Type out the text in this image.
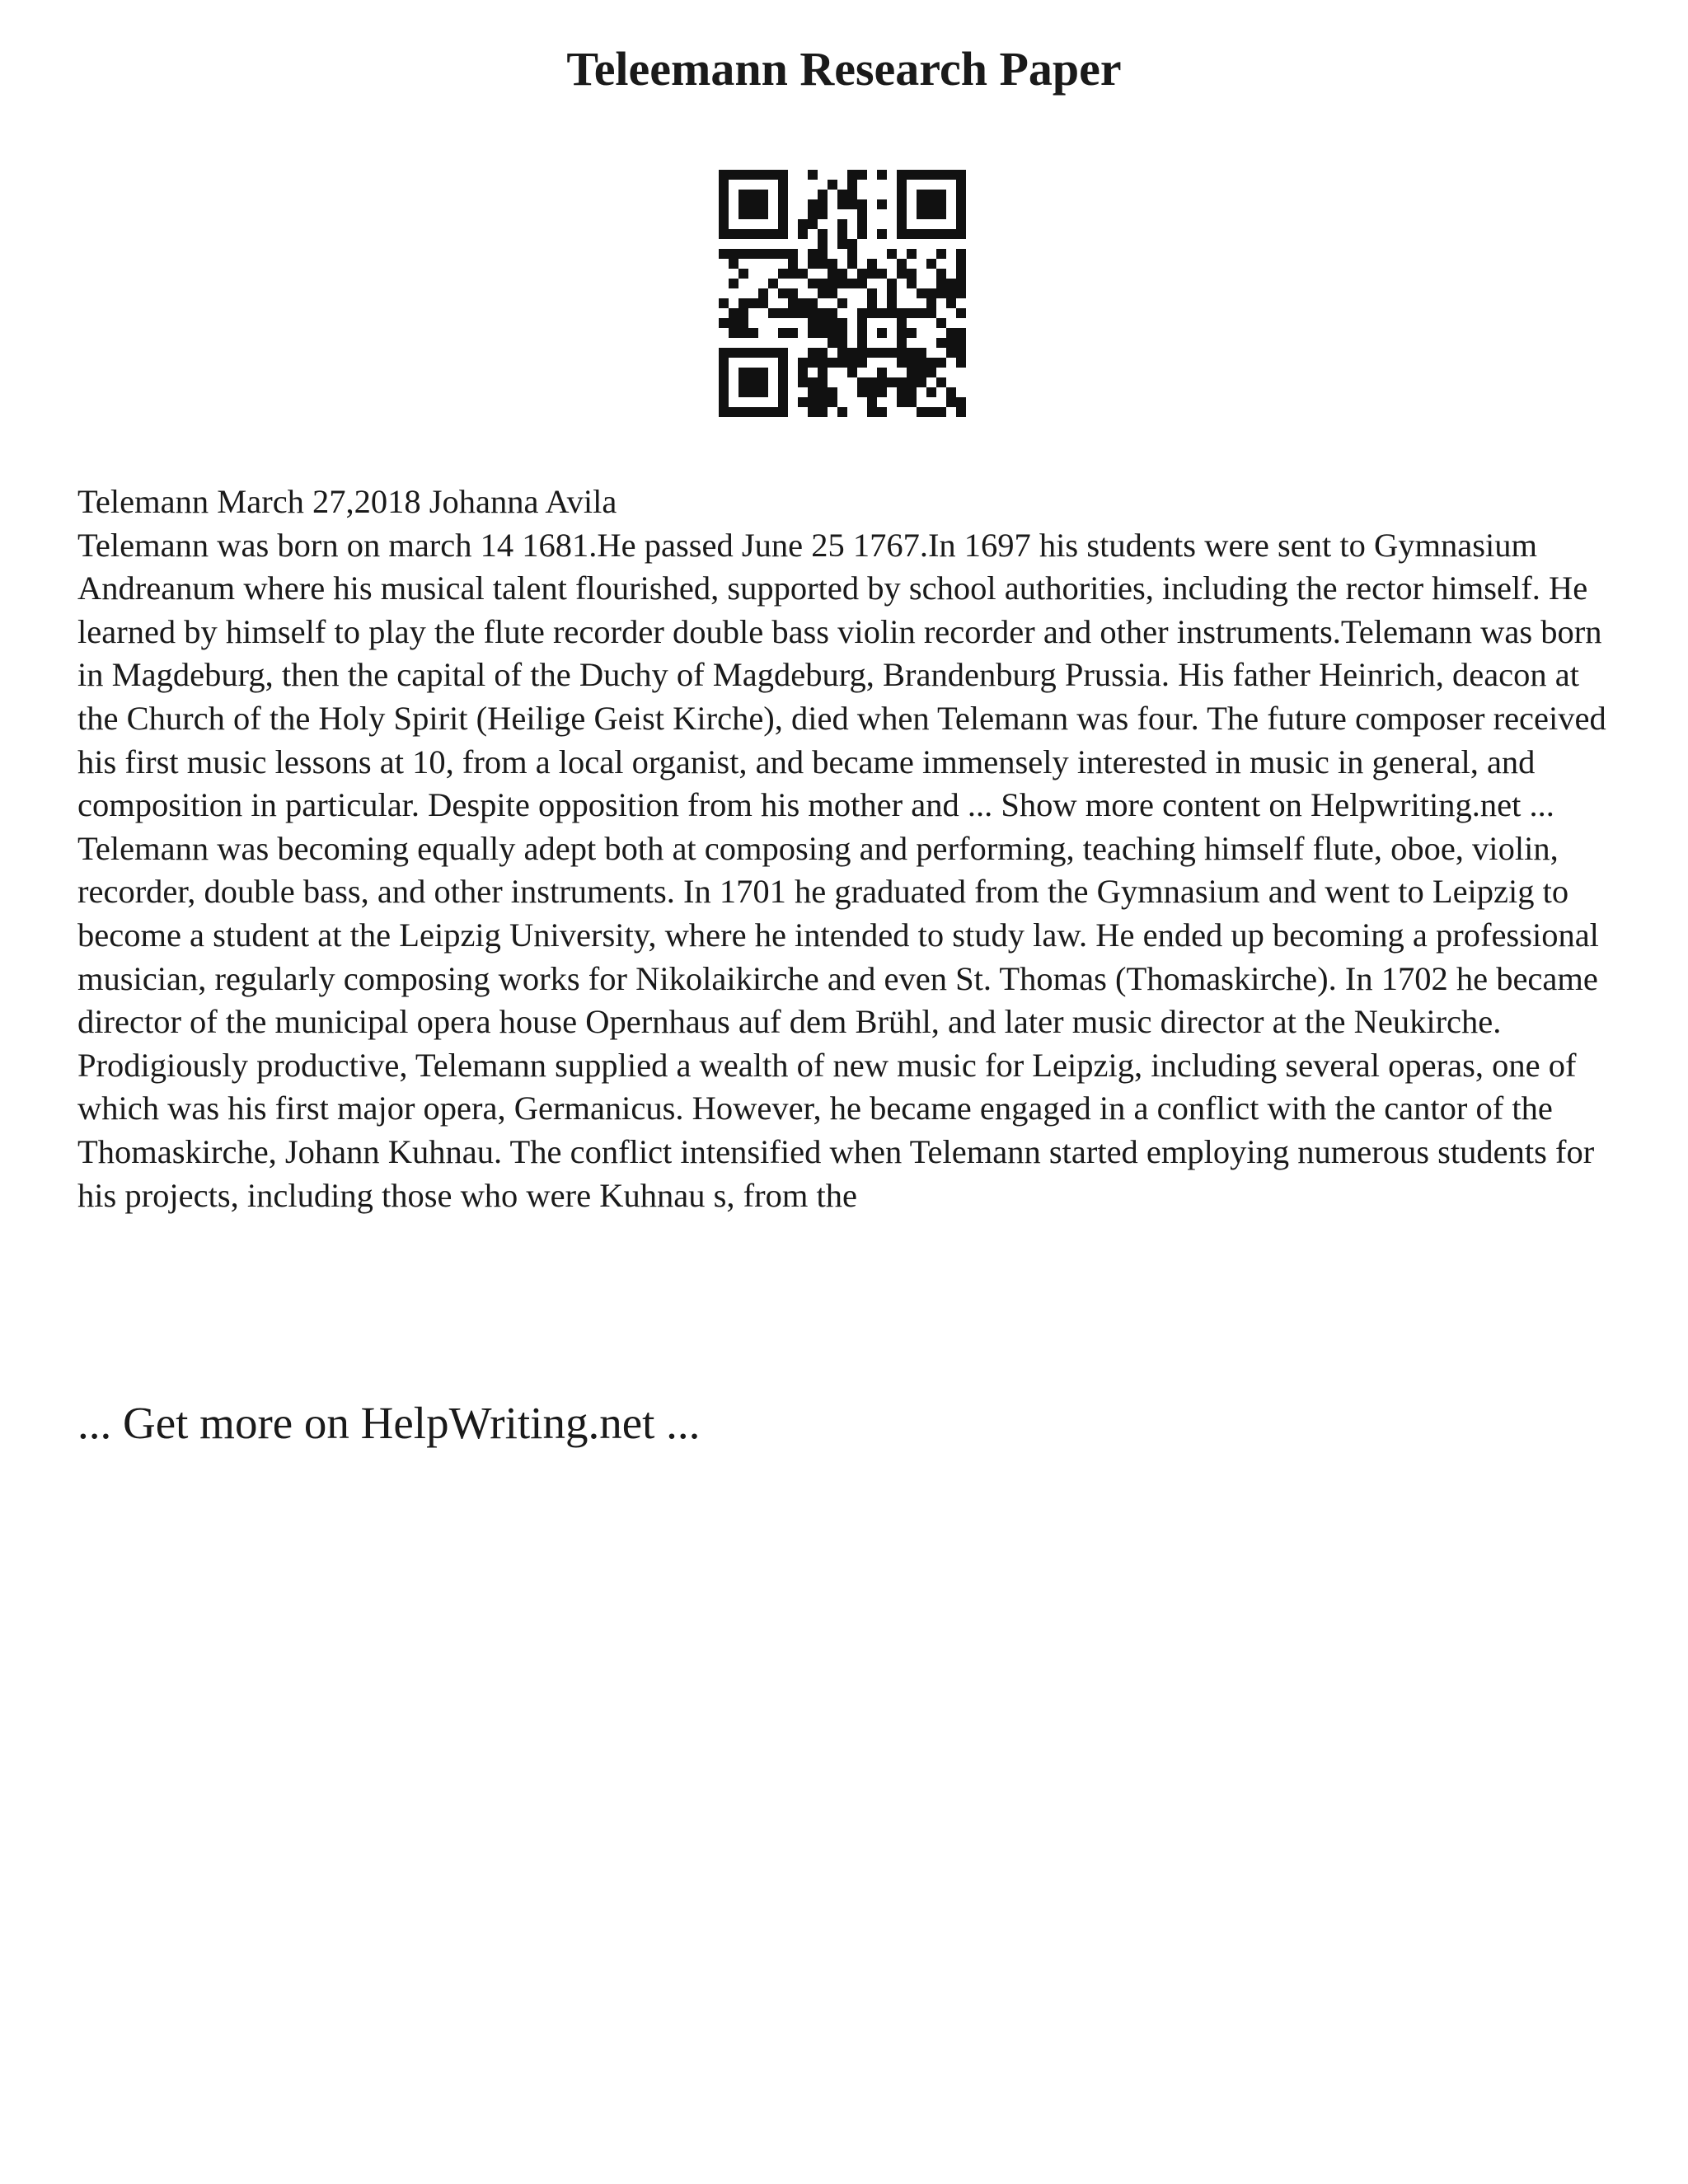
Teleemann Research Paper

Telemann March 27,2018 Johanna Avila

Telemann was born on march 14 1681.He passed June 25 1767.In 1697 his students were sent to Gymnasium Andreanum where his musical talent flourished, supported by school authorities, including the rector himself. He learned by himself to play the flute recorder double bass violin recorder and other instruments.Telemann was born in Magdeburg, then the capital of the Duchy of Magdeburg, Brandenburg Prussia. His father Heinrich, deacon at the Church of the Holy Spirit (Heilige Geist Kirche), died when Telemann was four. The future composer received his first music lessons at 10, from a local organist, and became immensely interested in music in general, and composition in particular. Despite opposition from his mother and ... Show more content on Helpwriting.net ...

Telemann was becoming equally adept both at composing and performing, teaching himself flute, oboe, violin, recorder, double bass, and other instruments. In 1701 he graduated from the Gymnasium and went to Leipzig to become a student at the Leipzig University, where he intended to study law. He ended up becoming a professional musician, regularly composing works for Nikolaikirche and even St. Thomas (Thomaskirche). In 1702 he became director of the municipal opera house Opernhaus auf dem Brühl, and later music director at the Neukirche. Prodigiously productive, Telemann supplied a wealth of new music for Leipzig, including several operas, one of which was his first major opera, Germanicus. However, he became engaged in a conflict with the cantor of the Thomaskirche, Johann Kuhnau. The conflict intensified when Telemann started employing numerous students for his projects, including those who were Kuhnau s, from the

... Get more on HelpWriting.net ...
